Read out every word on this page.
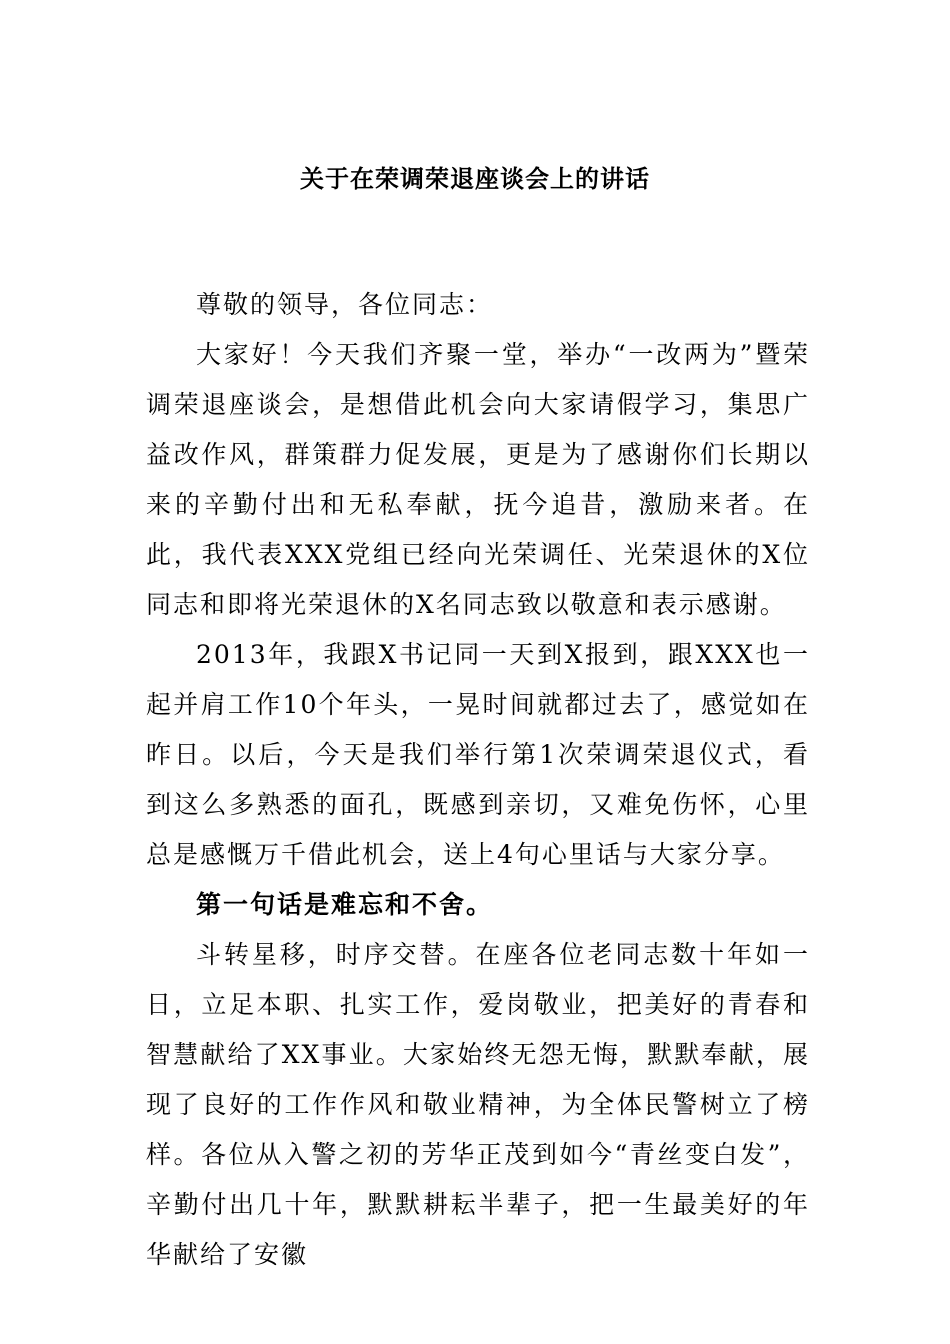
关于在荣调荣退座谈会上的讲话

尊敬的领导，各位同志：

大家好！今天我们齐聚一堂，举办“一改两为”暨荣调荣退座谈会，是想借此机会向大家请假学习，集思广益改作风，群策群力促发展，更是为了感谢你们长期以来的辛勤付出和无私奉献，抚今追昔，激励来者。在此，我代表XXX党组已经向光荣调任、光荣退休的X位同志和即将光荣退休的X名同志致以敬意和表示感谢。

2013年，我跟X书记同一天到X报到，跟XXX也一起并肩工作10个年头，一晃时间就都过去了，感觉如在昨日。以后，今天是我们举行第1次荣调荣退仪式，看到这么多熟悉的面孔，既感到亲切，又难免伤怀，心里总是感慨万千借此机会，送上4句心里话与大家分享。

第一句话是难忘和不舍。

斗转星移，时序交替。在座各位老同志数十年如一日，立足本职、扎实工作，爱岗敬业，把美好的青春和智慧献给了XX事业。大家始终无怨无悔，默默奉献，展现了良好的工作作风和敬业精神，为全体民警树立了榜样。各位从入警之初的芳华正茂到如今“青丝变白发”，辛勤付出几十年，默默耕耘半辈子，把一生最美好的年华献给了安徽
